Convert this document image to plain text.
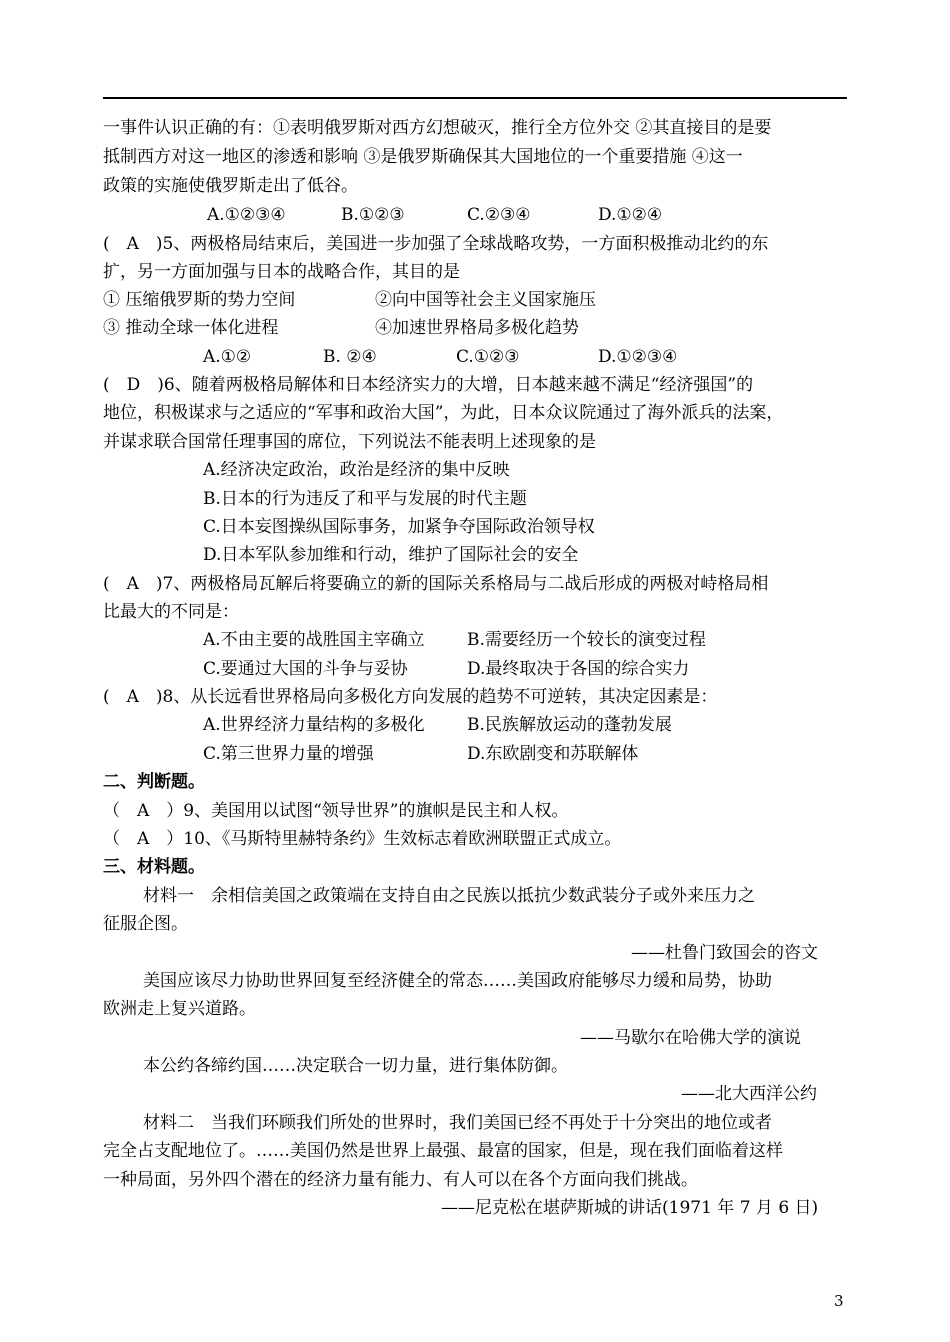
一事件认识正确的有：①表明俄罗斯对西方幻想破灭，推行全方位外交 ②其直接目的是要
抵制西方对这一地区的渗透和影响 ③是俄罗斯确保其大国地位的一个重要措施 ④这一
政策的实施使俄罗斯走出了低谷。
A.①②③④	B.①②③	C.②③④	D.①②④
(　A　)5、两极格局结束后，美国进一步加强了全球战略攻势，一方面积极推动北约的东
扩，另一方面加强与日本的战略合作，其目的是
① 压缩俄罗斯的势力空间	②向中国等社会主义国家施压
③ 推动全球一体化进程	④加速世界格局多极化趋势
A.①②	B. ②④	C.①②③	D.①②③④
(　D　)6、随着两极格局解体和日本经济实力的大增，日本越来越不满足“经济强国”的
地位，积极谋求与之适应的“军事和政治大国”，为此，日本众议院通过了海外派兵的法案，
并谋求联合国常任理事国的席位，下列说法不能表明上述现象的是
A.经济决定政治，政治是经济的集中反映
B.日本的行为违反了和平与发展的时代主题
C.日本妄图操纵国际事务，加紧争夺国际政治领导权
D.日本军队参加维和行动，维护了国际社会的安全
(　A　)7、两极格局瓦解后将要确立的新的国际关系格局与二战后形成的两极对峙格局相
比最大的不同是：
A.不由主要的战胜国主宰确立 B.需要经历一个较长的演变过程
C.要通过大国的斗争与妥协	D.最终取决于各国的综合实力
(　A　)8、从长远看世界格局向多极化方向发展的趋势不可逆转，其决定因素是：
A.世界经济力量结构的多极化 B.民族解放运动的蓬勃发展
C.第三世界力量的增强	D.东欧剧变和苏联解体
二、判断题。
（　A　）9、美国用以试图“领导世界”的旗帜是民主和人权。
（　A　）10、《马斯特里赫特条约》生效标志着欧洲联盟正式成立。
三、材料题。
材料一　余相信美国之政策端在支持自由之民族以抵抗少数武装分子或外来压力之
征服企图。
——杜鲁门致国会的咨文
美国应该尽力协助世界回复至经济健全的常态……美国政府能够尽力缓和局势，协助
欧洲走上复兴道路。
——马歇尔在哈佛大学的演说
本公约各缔约国……决定联合一切力量，进行集体防御。
——北大西洋公约
材料二　当我们环顾我们所处的世界时，我们美国已经不再处于十分突出的地位或者
完全占支配地位了。……美国仍然是世界上最强、最富的国家，但是，现在我们面临着这样
一种局面，另外四个潜在的经济力量有能力、有人可以在各个方面向我们挑战。
——尼克松在堪萨斯城的讲话(1971 年 7 月 6 日)
3
